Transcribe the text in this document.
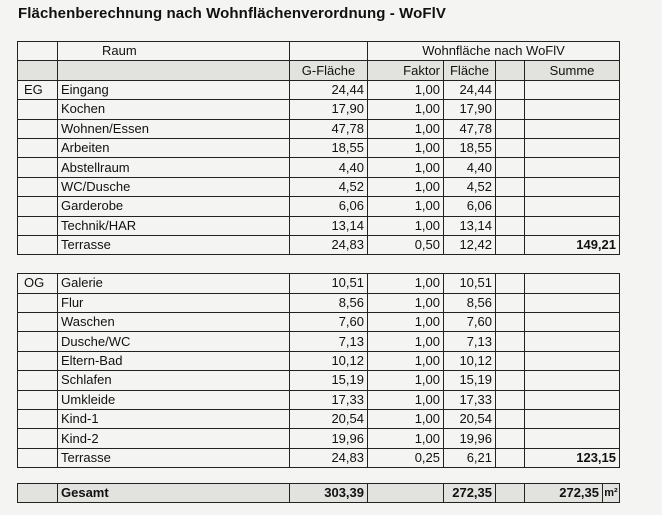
Flächenberechnung nach Wohnflächenverordnung - WoFlV
	Raum		Wohnfläche nach WoFlV			
		G-Fläche	Faktor	Fläche		Summe
EG	Eingang	24,44	1,00	24,44		
	Kochen	17,90	1,00	17,90		
	Wohnen/Essen	47,78	1,00	47,78		
	Arbeiten	18,55	1,00	18,55		
	Abstellraum	4,40	1,00	4,40		
	WC/Dusche	4,52	1,00	4,52		
	Garderobe	6,06	1,00	6,06		
	Technik/HAR	13,14	1,00	13,14		
	Terrasse	24,83	0,50	12,42		149,21

OG	Galerie	10,51	1,00	10,51		
	Flur	8,56	1,00	8,56		
	Waschen	7,60	1,00	7,60		
	Dusche/WC	7,13	1,00	7,13		
	Eltern-Bad	10,12	1,00	10,12		
	Schlafen	15,19	1,00	15,19		
	Umkleide	17,33	1,00	17,33		
	Kind-1	20,54	1,00	20,54		
	Kind-2	19,96	1,00	19,96		
	Terrasse	24,83	0,25	6,21		123,15
	Gesamt	303,39		272,35		272,35	m²
